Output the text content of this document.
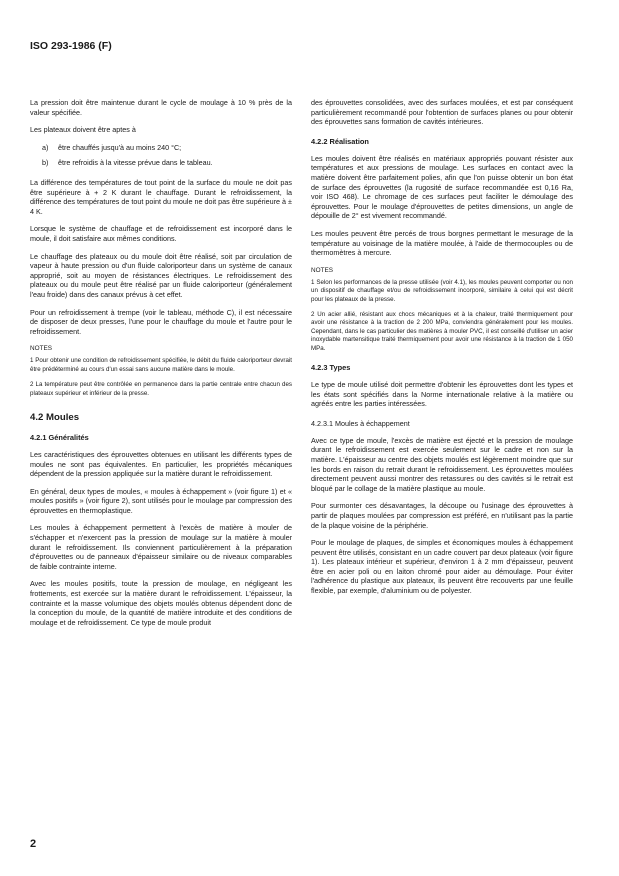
ISO 293-1986 (F)

La pression doit être maintenue durant le cycle de moulage à 10 % près de la valeur spécifiée.

Les plateaux doivent être aptes à

a)	être chauffés jusqu'à au moins 240 °C;
b)	être refroidis à la vitesse prévue dans le tableau.

La différence des températures de tout point de la surface du moule ne doit pas être supérieure à + 2 K durant le chauffage. Durant le refroidissement, la différence des températures de tout point du moule ne doit pas être supérieure à ± 4 K.

Lorsque le système de chauffage et de refroidissement est incorporé dans le moule, il doit satisfaire aux mêmes conditions.

Le chauffage des plateaux ou du moule doit être réalisé, soit par circulation de vapeur à haute pression ou d'un fluide caloriporteur dans un système de canaux approprié, soit au moyen de résistances électriques. Le refroidissement des plateaux ou du moule peut être réalisé par un fluide caloriporteur (généralement l'eau froide) dans des canaux prévus à cet effet.

Pour un refroidissement à trempe (voir le tableau, méthode C), il est nécessaire de disposer de deux presses, l'une pour le chauffage du moule et l'autre pour le refroidissement.

NOTES
1 Pour obtenir une condition de refroidissement spécifiée, le débit du fluide caloriporteur devrait être prédéterminé au cours d'un essai sans aucune matière dans le moule.
2 La température peut être contrôlée en permanence dans la partie centrale entre chacun des plateaux supérieur et inférieur de la presse.
4.2 Moules
4.2.1 Généralités

Les caractéristiques des éprouvettes obtenues en utilisant les différents types de moules ne sont pas équivalentes. En particulier, les propriétés mécaniques dépendent de la pression appliquée sur la matière durant le refroidissement.

En général, deux types de moules, « moules à échappement » (voir figure 1) et « moules positifs » (voir figure 2), sont utilisés pour le moulage par compression des éprouvettes en thermoplastique.

Les moules à échappement permettent à l'excès de matière à mouler de s'échapper et n'exercent pas la pression de moulage sur la matière à mouler durant le refroidissement. Ils conviennent particulièrement à la préparation d'éprouvettes ou de panneaux d'épaisseur similaire ou de niveaux comparables de faible contrainte interne.

Avec les moules positifs, toute la pression de moulage, en négligeant les frottements, est exercée sur la matière durant le refroidissement. L'épaisseur, la contrainte et la masse volumique des objets moulés obtenus dépendent donc de la conception du moule, de la quantité de matière introduite et des conditions de moulage et de refroidissement. Ce type de moule produit

des éprouvettes consolidées, avec des surfaces moulées, et est par conséquent particulièrement recommandé pour l'obtention de surfaces planes ou pour obtenir des éprouvettes sans formation de cavités intérieures.

4.2.2 Réalisation

Les moules doivent être réalisés en matériaux appropriés pouvant résister aux températures et aux pressions de moulage. Les surfaces en contact avec la matière doivent être parfaitement polies, afin que l'on puisse obtenir un bon état de surface des éprouvettes (la rugosité de surface recommandée est 0,16 Ra, voir ISO 468). Le chromage de ces surfaces peut faciliter le démoulage des éprouvettes. Pour le moulage d'éprouvettes de petites dimensions, un angle de dépouille de 2° est vivement recommandé.

Les moules peuvent être percés de trous borgnes permettant le mesurage de la température au voisinage de la matière moulée, à l'aide de thermocouples ou de thermomètres à mercure.

NOTES
1 Selon les performances de la presse utilisée (voir 4.1), les moules peuvent comporter ou non un dispositif de chauffage et/ou de refroidissement incorporé, similaire à celui qui est décrit pour les plateaux de la presse.
2 Un acier allié, résistant aux chocs mécaniques et à la chaleur, traité thermiquement pour avoir une résistance à la traction de 2 200 MPa, conviendra généralement pour les moules. Cependant, dans le cas particulier des matières à mouler PVC, il est conseillé d'utiliser un acier inoxydable martensitique traité thermiquement pour avoir une résistance à la traction de 1 050 MPa.
4.2.3 Types

Le type de moule utilisé doit permettre d'obtenir les éprouvettes dont les types et les états sont spécifiés dans la Norme internationale relative à la matière ou agréés entre les parties intéressées.

4.2.3.1 Moules à échappement

Avec ce type de moule, l'excès de matière est éjecté et la pression de moulage durant le refroidissement est exercée seulement sur le cadre et non sur la matière. L'épaisseur au centre des objets moulés est légèrement moindre que sur les bords en raison du retrait durant le refroidissement. Les éprouvettes moulées directement peuvent aussi montrer des retassures ou des cavités si le retrait est bloqué par le collage de la matière plastique au moule.

Pour surmonter ces désavantages, la découpe ou l'usinage des éprouvettes à partir de plaques moulées par compression est préféré, en n'utilisant pas la partie de la plaque voisine de la périphérie.

Pour le moulage de plaques, de simples et économiques moules à échappement peuvent être utilisés, consistant en un cadre couvert par deux plateaux (voir figure 1). Les plateaux intérieur et supérieur, d'environ 1 à 2 mm d'épaisseur, peuvent être en acier poli ou en laiton chromé pour aider au démoulage. Pour éviter l'adhérence du plastique aux plateaux, ils peuvent être recouverts par une feuille flexible, par exemple, d'aluminium ou de polyester.

2
